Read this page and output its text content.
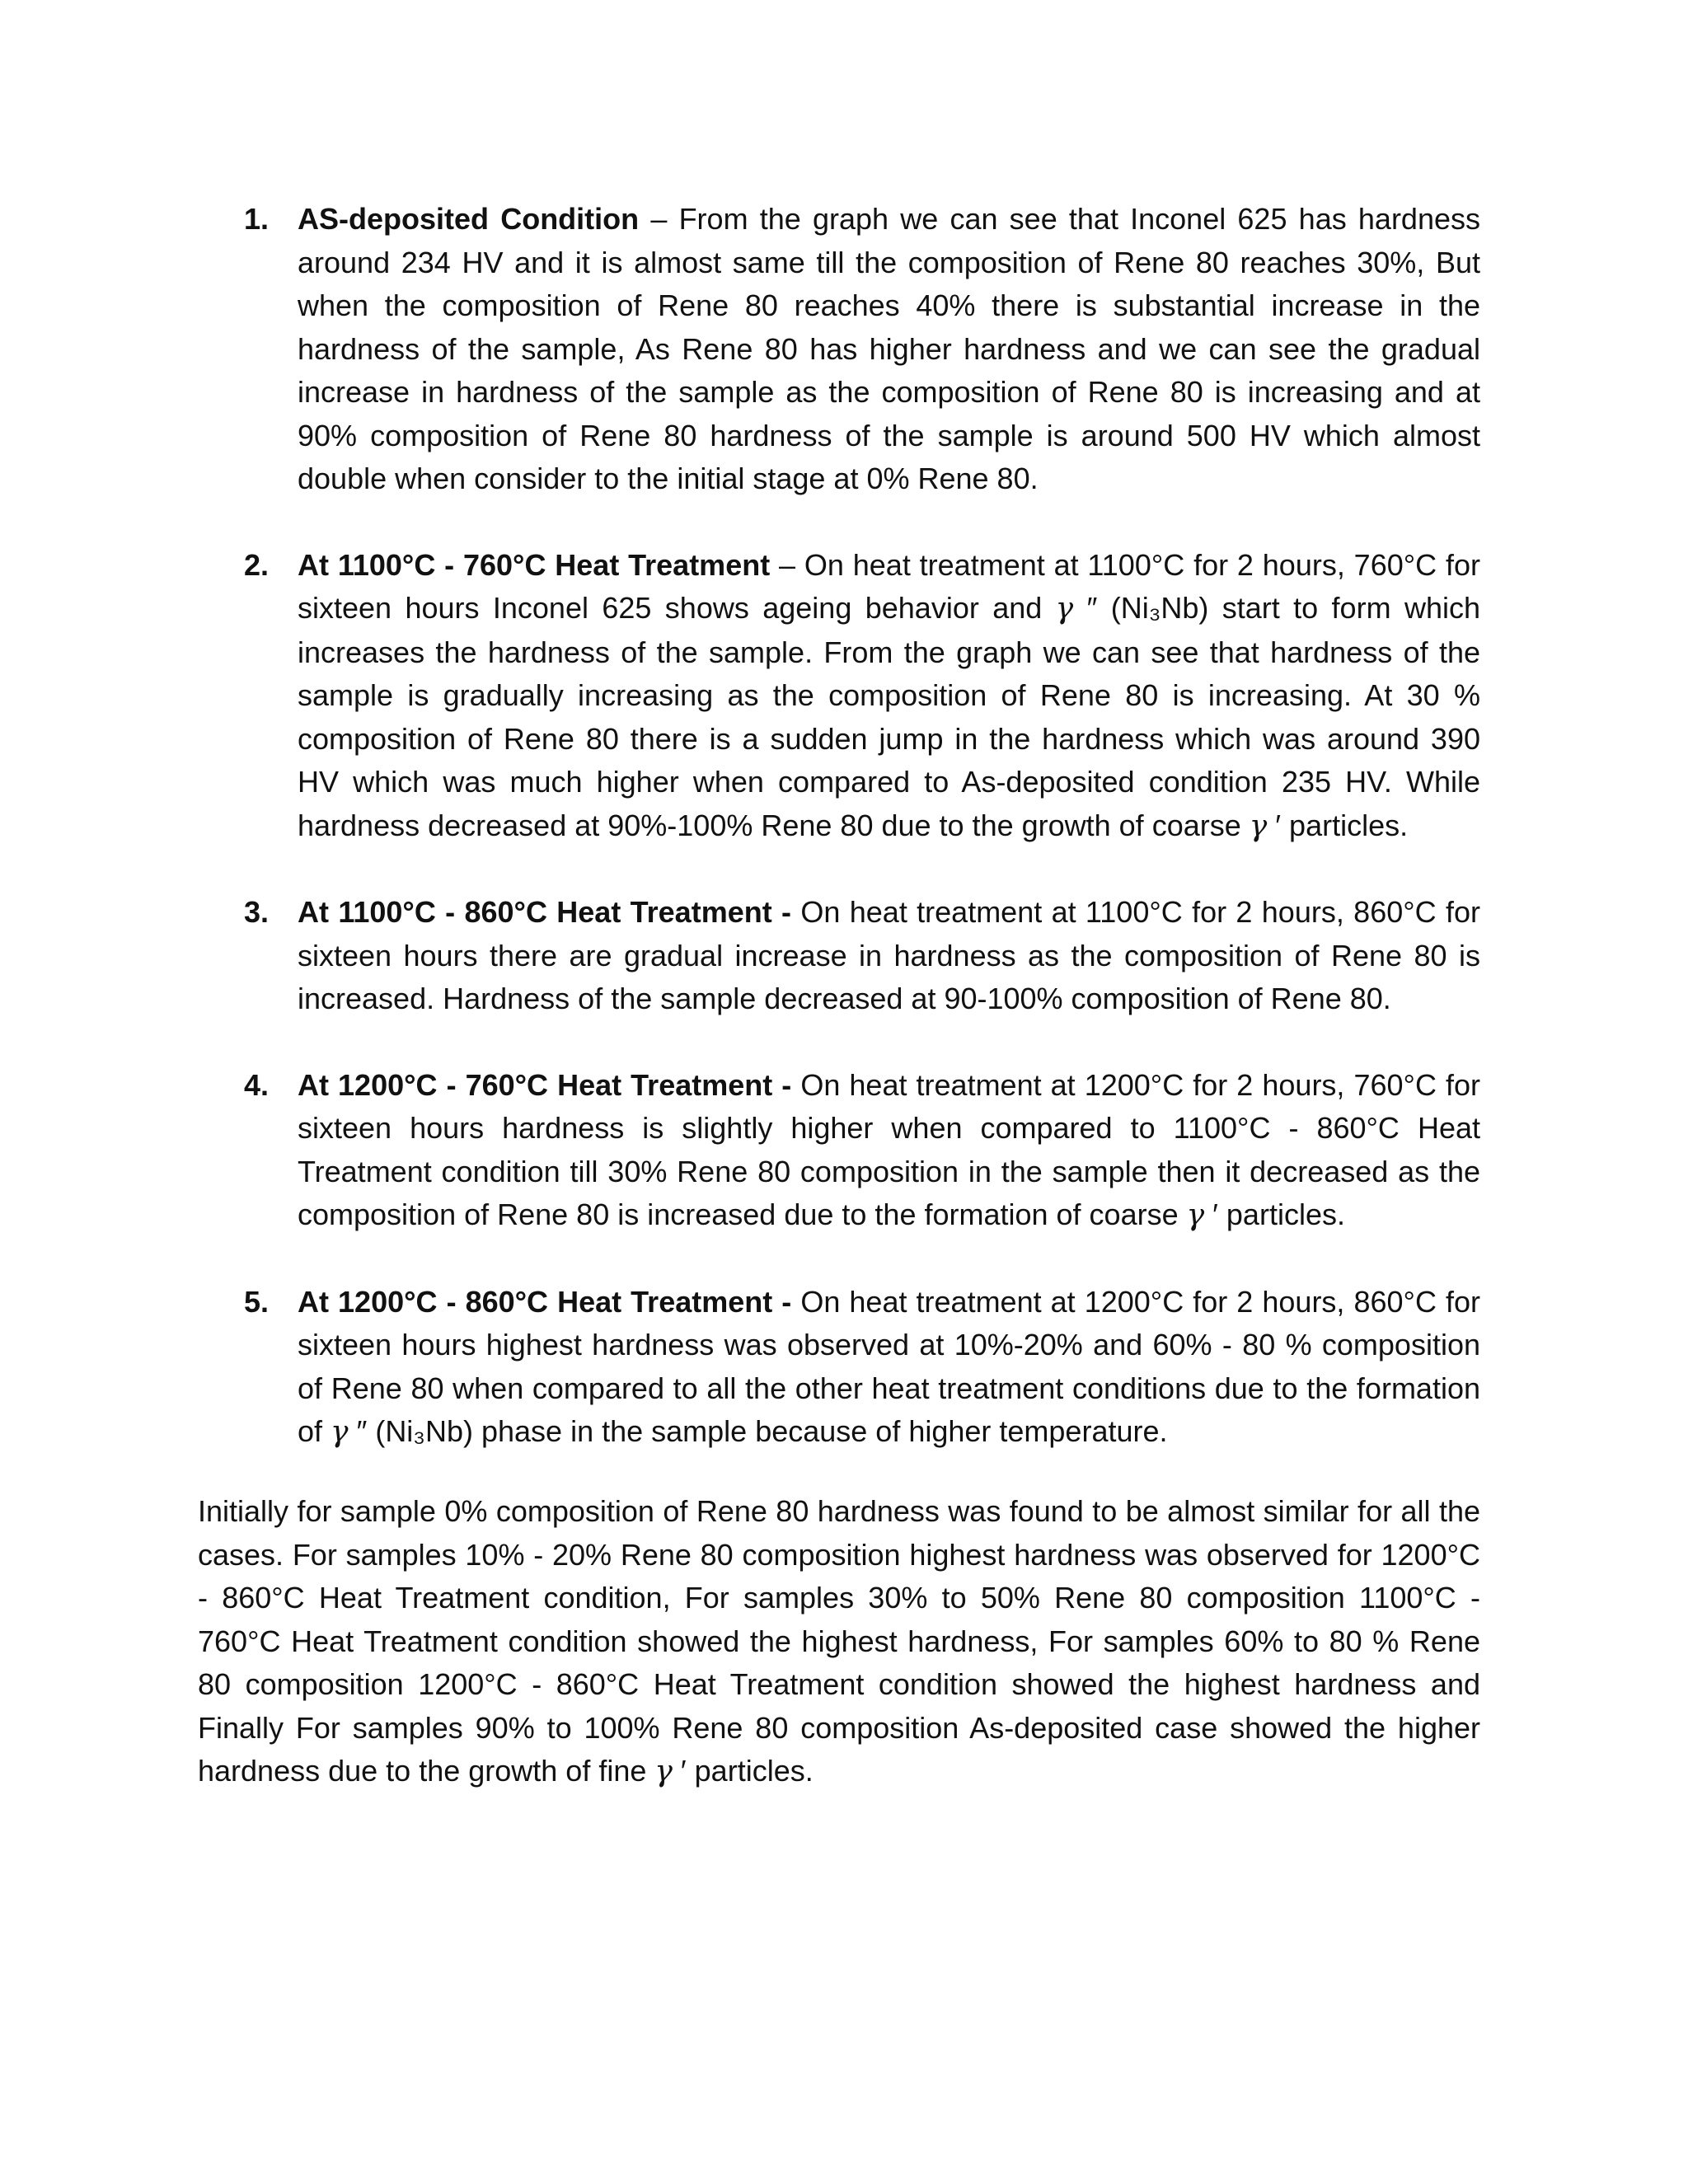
1. AS-deposited Condition – From the graph we can see that Inconel 625 has hardness around 234 HV and it is almost same till the composition of Rene 80 reaches 30%, But when the composition of Rene 80 reaches 40% there is substantial increase in the hardness of the sample, As Rene 80 has higher hardness and we can see the gradual increase in hardness of the sample as the composition of Rene 80 is increasing and at 90% composition of Rene 80 hardness of the sample is around 500 HV which almost double when consider to the initial stage at 0% Rene 80.
2. At 1100°C - 760°C Heat Treatment – On heat treatment at 1100°C for 2 hours, 760°C for sixteen hours Inconel 625 shows ageing behavior and γ ″ (Ni₃Nb) start to form which increases the hardness of the sample. From the graph we can see that hardness of the sample is gradually increasing as the composition of Rene 80 is increasing. At 30 % composition of Rene 80 there is a sudden jump in the hardness which was around 390 HV which was much higher when compared to As-deposited condition 235 HV. While hardness decreased at 90%-100% Rene 80 due to the growth of coarse γ ′ particles.
3. At 1100°C - 860°C Heat Treatment - On heat treatment at 1100°C for 2 hours, 860°C for sixteen hours there are gradual increase in hardness as the composition of Rene 80 is increased. Hardness of the sample decreased at 90-100% composition of Rene 80.
4. At 1200°C - 760°C Heat Treatment - On heat treatment at 1200°C for 2 hours, 760°C for sixteen hours hardness is slightly higher when compared to 1100°C - 860°C Heat Treatment condition till 30% Rene 80 composition in the sample then it decreased as the composition of Rene 80 is increased due to the formation of coarse γ ′ particles.
5. At 1200°C - 860°C Heat Treatment - On heat treatment at 1200°C for 2 hours, 860°C for sixteen hours highest hardness was observed at 10%-20% and 60% - 80 % composition of Rene 80 when compared to all the other heat treatment conditions due to the formation of γ ″ (Ni₃Nb) phase in the sample because of higher temperature.

Initially for sample 0% composition of Rene 80 hardness was found to be almost similar for all the cases. For samples 10% - 20% Rene 80 composition highest hardness was observed for 1200°C - 860°C Heat Treatment condition, For samples 30% to 50% Rene 80 composition 1100°C - 760°C Heat Treatment condition showed the highest hardness, For samples 60% to 80 % Rene 80 composition 1200°C - 860°C Heat Treatment condition showed the highest hardness and Finally For samples 90% to 100% Rene 80 composition As-deposited case showed the higher hardness due to the growth of fine γ ′ particles.
